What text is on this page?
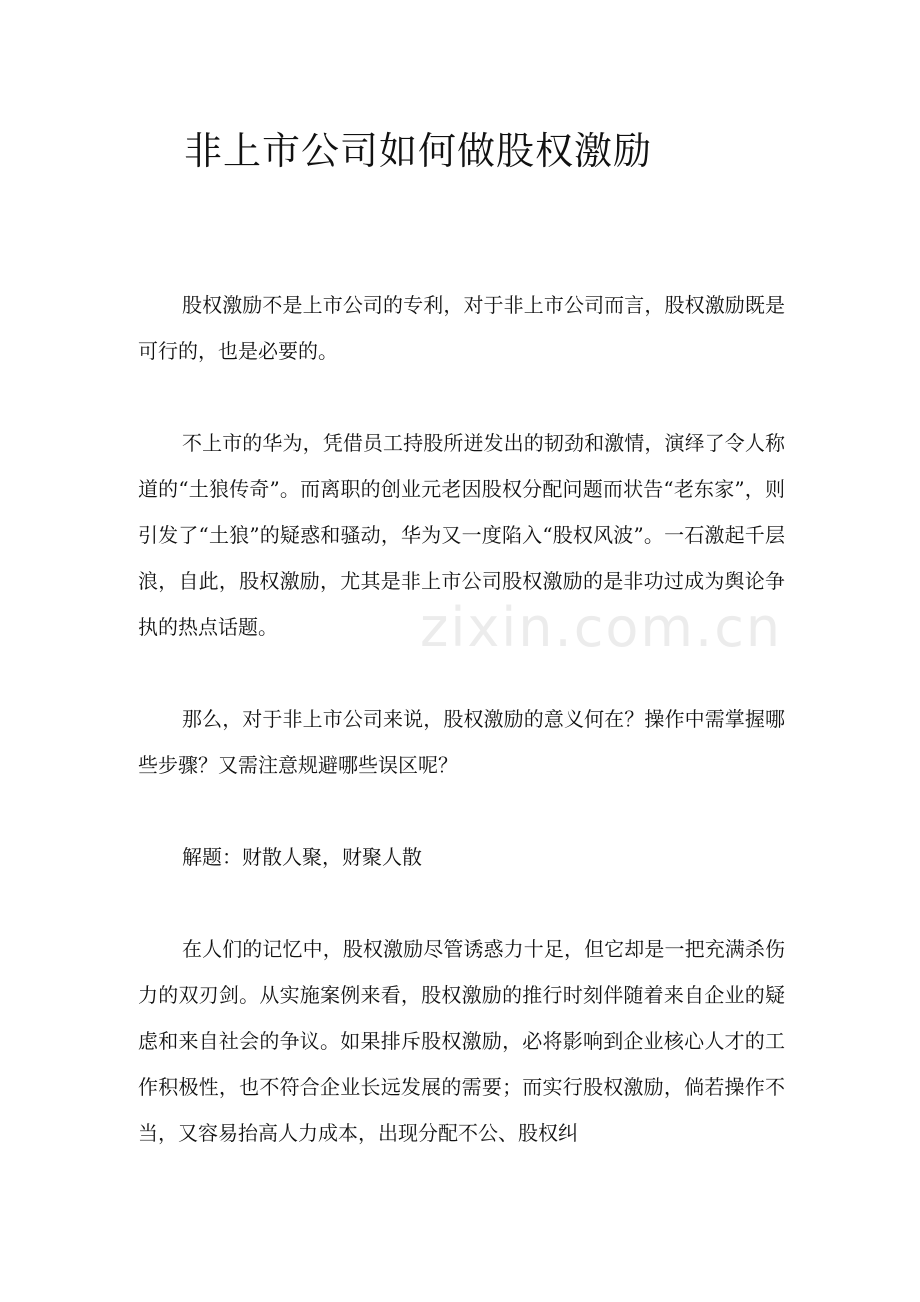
非上市公司如何做股权激励

股权激励不是上市公司的专利，对于非上市公司而言，股权激励既是可行的，也是必要的。

不上市的华为，凭借员工持股所迸发出的韧劲和激情，演绎了令人称道的“土狼传奇”。而离职的创业元老因股权分配问题而状告“老东家”，则引发了“土狼”的疑惑和骚动，华为又一度陷入“股权风波”。一石激起千层浪，自此，股权激励，尤其是非上市公司股权激励的是非功过成为舆论争执的热点话题。

那么，对于非上市公司来说，股权激励的意义何在？操作中需掌握哪些步骤？又需注意规避哪些误区呢？

解题：财散人聚，财聚人散

在人们的记忆中，股权激励尽管诱惑力十足，但它却是一把充满杀伤力的双刃剑。从实施案例来看，股权激励的推行时刻伴随着来自企业的疑虑和来自社会的争议。如果排斥股权激励，必将影响到企业核心人才的工作积极性，也不符合企业长远发展的需要；而实行股权激励，倘若操作不当，又容易抬高人力成本，出现分配不公、股权纠

zixin.com.cn
